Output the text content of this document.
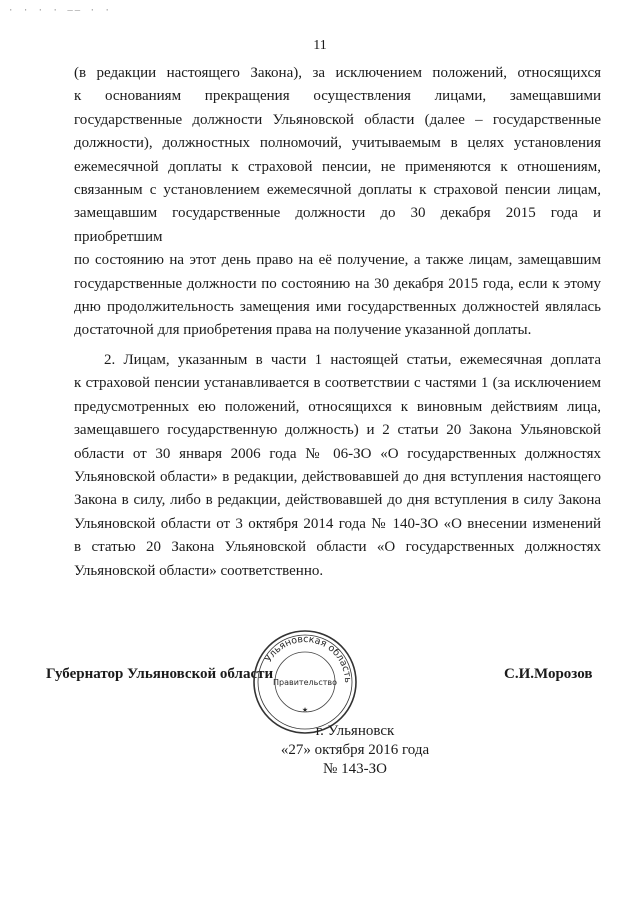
· · · · —— · ·
11
(в редакции настоящего Закона), за исключением положений, относящихся
к основаниям прекращения осуществления лицами, замещавшими
государственные должности Ульяновской области (далее – государственные
должности), должностных полномочий, учитываемым в целях установления
ежемесячной доплаты к страховой пенсии, не применяются к отношениям,
связанным с установлением ежемесячной доплаты к страховой пенсии лицам,
замещавшим государственные должности до 30 декабря 2015 года и приобретшим
по состоянию на этот день право на её получение, а также лицам, замещавшим
государственные должности по состоянию на 30 декабря 2015 года, если к этому
дню продолжительность замещения ими государственных должностей являлась
достаточной для приобретения права на получение указанной доплаты.
2. Лицам, указанным в части 1 настоящей статьи, ежемесячная доплата
к страховой пенсии устанавливается в соответствии с частями 1 (за исключением
предусмотренных ею положений, относящихся к виновным действиям лица,
замещавшего государственную должность) и 2 статьи 20 Закона Ульяновской
области от 30 января 2006 года № 06-ЗО «О государственных должностях
Ульяновской области» в редакции, действовавшей до дня вступления настоящего
Закона в силу, либо в редакции, действовавшей до дня вступления в силу Закона
Ульяновской области от 3 октября 2014 года № 140-ЗО «О внесении изменений
в статью 20 Закона Ульяновской области «О государственных должностях
Ульяновской области» соответственно.
Губернатор Ульяновской области	С.И.Морозов
Ульяновская область
Правительство
★
г. Ульяновск
«27» октября 2016 года
№ 143-ЗО
